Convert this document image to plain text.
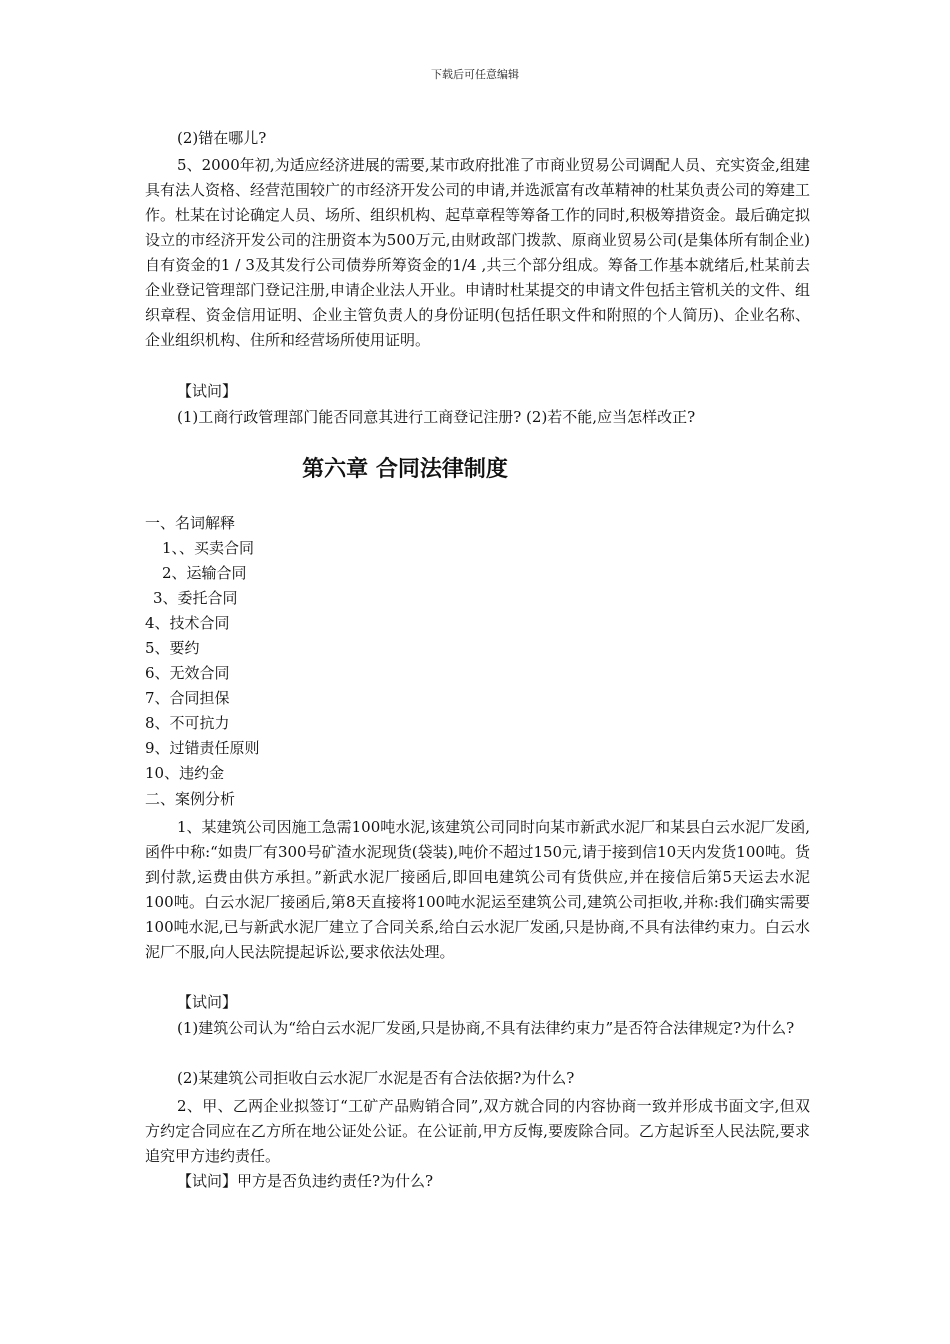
下载后可任意编辑

(2)错在哪儿?

5、2000年初,为适应经济进展的需要,某市政府批准了市商业贸易公司调配人员、充实资金,组建具有法人资格、经营范围较广的市经济开发公司的申请,并选派富有改革精神的杜某负责公司的筹建工作。杜某在讨论确定人员、场所、组织机构、起草章程等筹备工作的同时,积极筹措资金。最后确定拟设立的市经济开发公司的注册资本为500万元,由财政部门拨款、原商业贸易公司(是集体所有制企业)自有资金的1 / 3及其发行公司债券所筹资金的1/4 ,共三个部分组成。筹备工作基本就绪后,杜某前去企业登记管理部门登记注册,申请企业法人开业。申请时杜某提交的申请文件包括主管机关的文件、组织章程、资金信用证明、企业主管负责人的身份证明(包括任职文件和附照的个人简历)、企业名称、企业组织机构、住所和经营场所使用证明。

【试问】

(1)工商行政管理部门能否同意其进行工商登记注册? (2)若不能,应当怎样改正?

第六章 合同法律制度
一、名词解释
1、、买卖合同
2、运输合同
3、委托合同
4、技术合同
5、要约
6、无效合同
7、合同担保
8、不可抗力
9、过错责任原则
10、违约金
二、案例分析

1、某建筑公司因施工急需100吨水泥,该建筑公司同时向某市新武水泥厂和某县白云水泥厂发函,函件中称:“如贵厂有300号矿渣水泥现货(袋装),吨价不超过150元,请于接到信10天内发货100吨。货到付款,运费由供方承担。”新武水泥厂接函后,即回电建筑公司有货供应,并在接信后第5天运去水泥100吨。白云水泥厂接函后,第8天直接将100吨水泥运至建筑公司,建筑公司拒收,并称:我们确实需要100吨水泥,已与新武水泥厂建立了合同关系,给白云水泥厂发函,只是协商,不具有法律约束力。白云水泥厂不服,向人民法院提起诉讼,要求依法处理。

【试问】

(1)建筑公司认为“给白云水泥厂发函,只是协商,不具有法律约束力”是否符合法律规定?为什么?

(2)某建筑公司拒收白云水泥厂水泥是否有合法依据?为什么?

2、甲、乙两企业拟签订“工矿产品购销合同”,双方就合同的内容协商一致并形成书面文字,但双方约定合同应在乙方所在地公证处公证。在公证前,甲方反悔,要废除合同。乙方起诉至人民法院,要求追究甲方违约责任。

【试问】甲方是否负违约责任?为什么?
